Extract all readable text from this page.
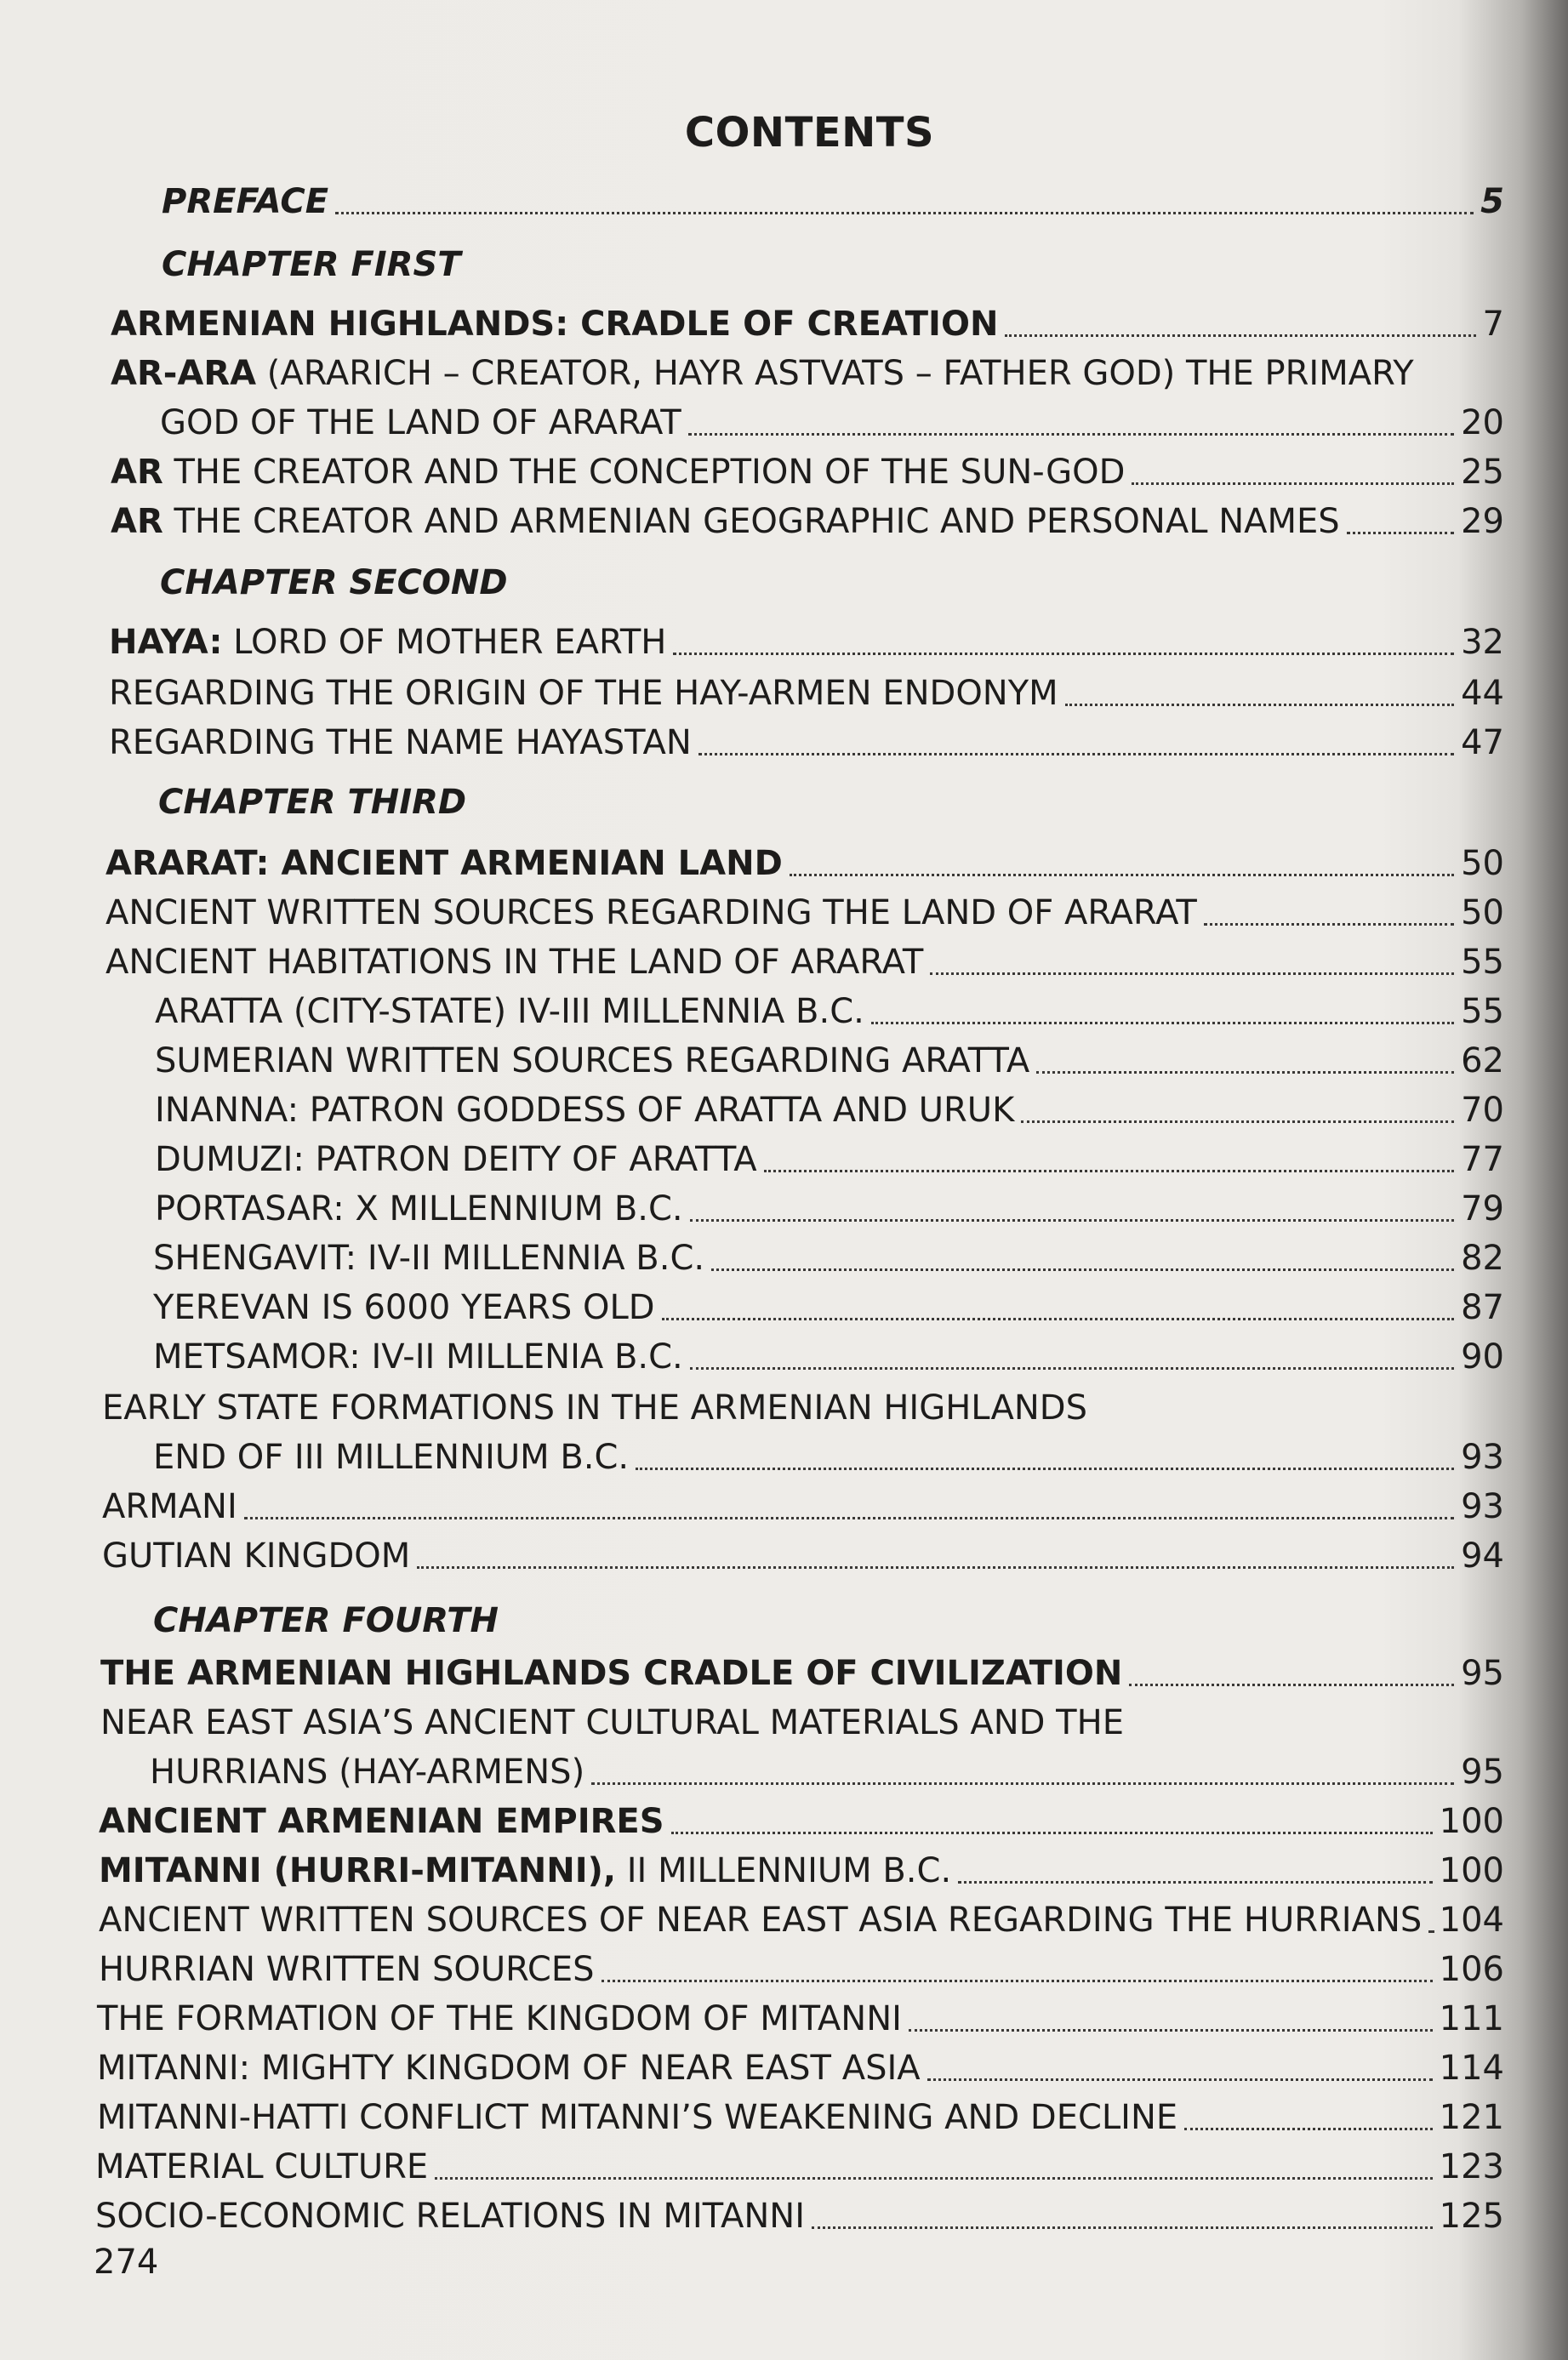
CONTENTS
PREFACE	5
CHAPTER FIRST
ARMENIAN HIGHLANDS: CRADLE OF CREATION	7
AR-ARA (ARARICH – CREATOR, HAYR ASTVATS – FATHER GOD) THE PRIMARY
GOD OF THE LAND OF ARARAT	20
AR THE CREATOR AND THE CONCEPTION OF THE SUN-GOD	25
AR THE CREATOR AND ARMENIAN GEOGRAPHIC AND PERSONAL NAMES	29
CHAPTER SECOND
HAYA: LORD OF MOTHER EARTH	32
REGARDING THE ORIGIN OF THE HAY-ARMEN ENDONYM	44
REGARDING THE NAME HAYASTAN	47
CHAPTER THIRD
ARARAT: ANCIENT ARMENIAN LAND	50
ANCIENT WRITTEN SOURCES REGARDING THE LAND OF ARARAT	50
ANCIENT HABITATIONS IN THE LAND OF ARARAT	55
ARATTA (CITY-STATE) IV-III MILLENNIA B.C.	55
SUMERIAN WRITTEN SOURCES REGARDING ARATTA	62
INANNA: PATRON GODDESS OF ARATTA AND URUK	70
DUMUZI: PATRON DEITY OF ARATTA	77
PORTASAR: X MILLENNIUM B.C.	79
SHENGAVIT: IV-II MILLENNIA B.C.	82
YEREVAN IS 6000 YEARS OLD	87
METSAMOR: IV-II MILLENIA B.C.	90
EARLY STATE FORMATIONS IN THE ARMENIAN HIGHLANDS
END OF III MILLENNIUM B.C.	93
ARMANI	93
GUTIAN KINGDOM	94
CHAPTER FOURTH
THE ARMENIAN HIGHLANDS CRADLE OF CIVILIZATION	95
NEAR EAST ASIA’S ANCIENT CULTURAL MATERIALS AND THE
HURRIANS (HAY-ARMENS)	95
ANCIENT ARMENIAN EMPIRES	100
MITANNI (HURRI-MITANNI), II MILLENNIUM B.C.	100
ANCIENT WRITTEN SOURCES OF NEAR EAST ASIA REGARDING THE HURRIANS 104
HURRIAN WRITTEN SOURCES	106
THE FORMATION OF THE KINGDOM OF MITANNI	111
MITANNI: MIGHTY KINGDOM OF NEAR EAST ASIA	114
MITANNI-HATTI CONFLICT MITANNI’S WEAKENING AND DECLINE	121
MATERIAL CULTURE	123
SOCIO-ECONOMIC RELATIONS IN MITANNI	125
274
